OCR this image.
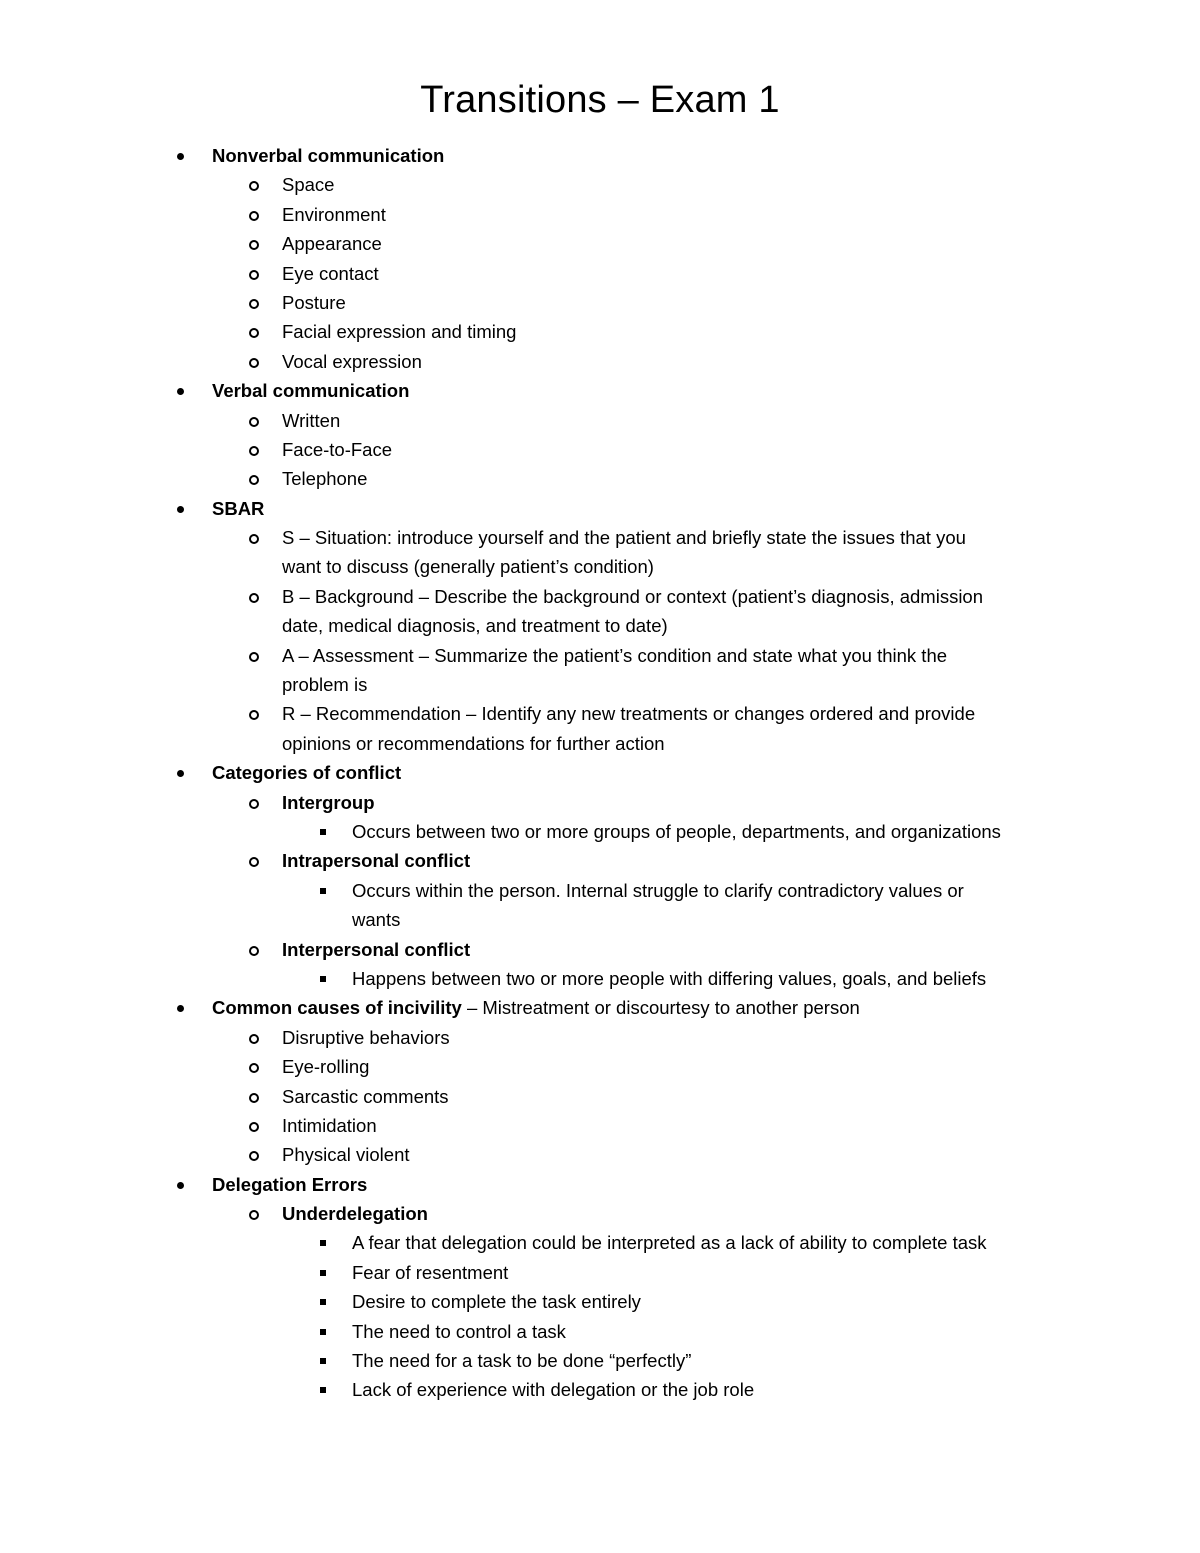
Transitions – Exam 1
Nonverbal communication
Space
Environment
Appearance
Eye contact
Posture
Facial expression and timing
Vocal expression
Verbal communication
Written
Face-to-Face
Telephone
SBAR
S – Situation: introduce yourself and the patient and briefly state the issues that you
want to discuss (generally patient’s condition)
B – Background – Describe the background or context (patient’s diagnosis, admission
date, medical diagnosis, and treatment to date)
A – Assessment – Summarize the patient’s condition and state what you think the
problem is
R – Recommendation – Identify any new treatments or changes ordered and provide
opinions or recommendations for further action
Categories of conflict
Intergroup
Occurs between two or more groups of people, departments, and organizations
Intrapersonal conflict
Occurs within the person. Internal struggle to clarify contradictory values or
wants
Interpersonal conflict
Happens between two or more people with differing values, goals, and beliefs
Common causes of incivility – Mistreatment or discourtesy to another person
Disruptive behaviors
Eye-rolling
Sarcastic comments
Intimidation
Physical violent
Delegation Errors
Underdelegation
A fear that delegation could be interpreted as a lack of ability to complete task
Fear of resentment
Desire to complete the task entirely
The need to control a task
The need for a task to be done “perfectly”
Lack of experience with delegation or the job role
